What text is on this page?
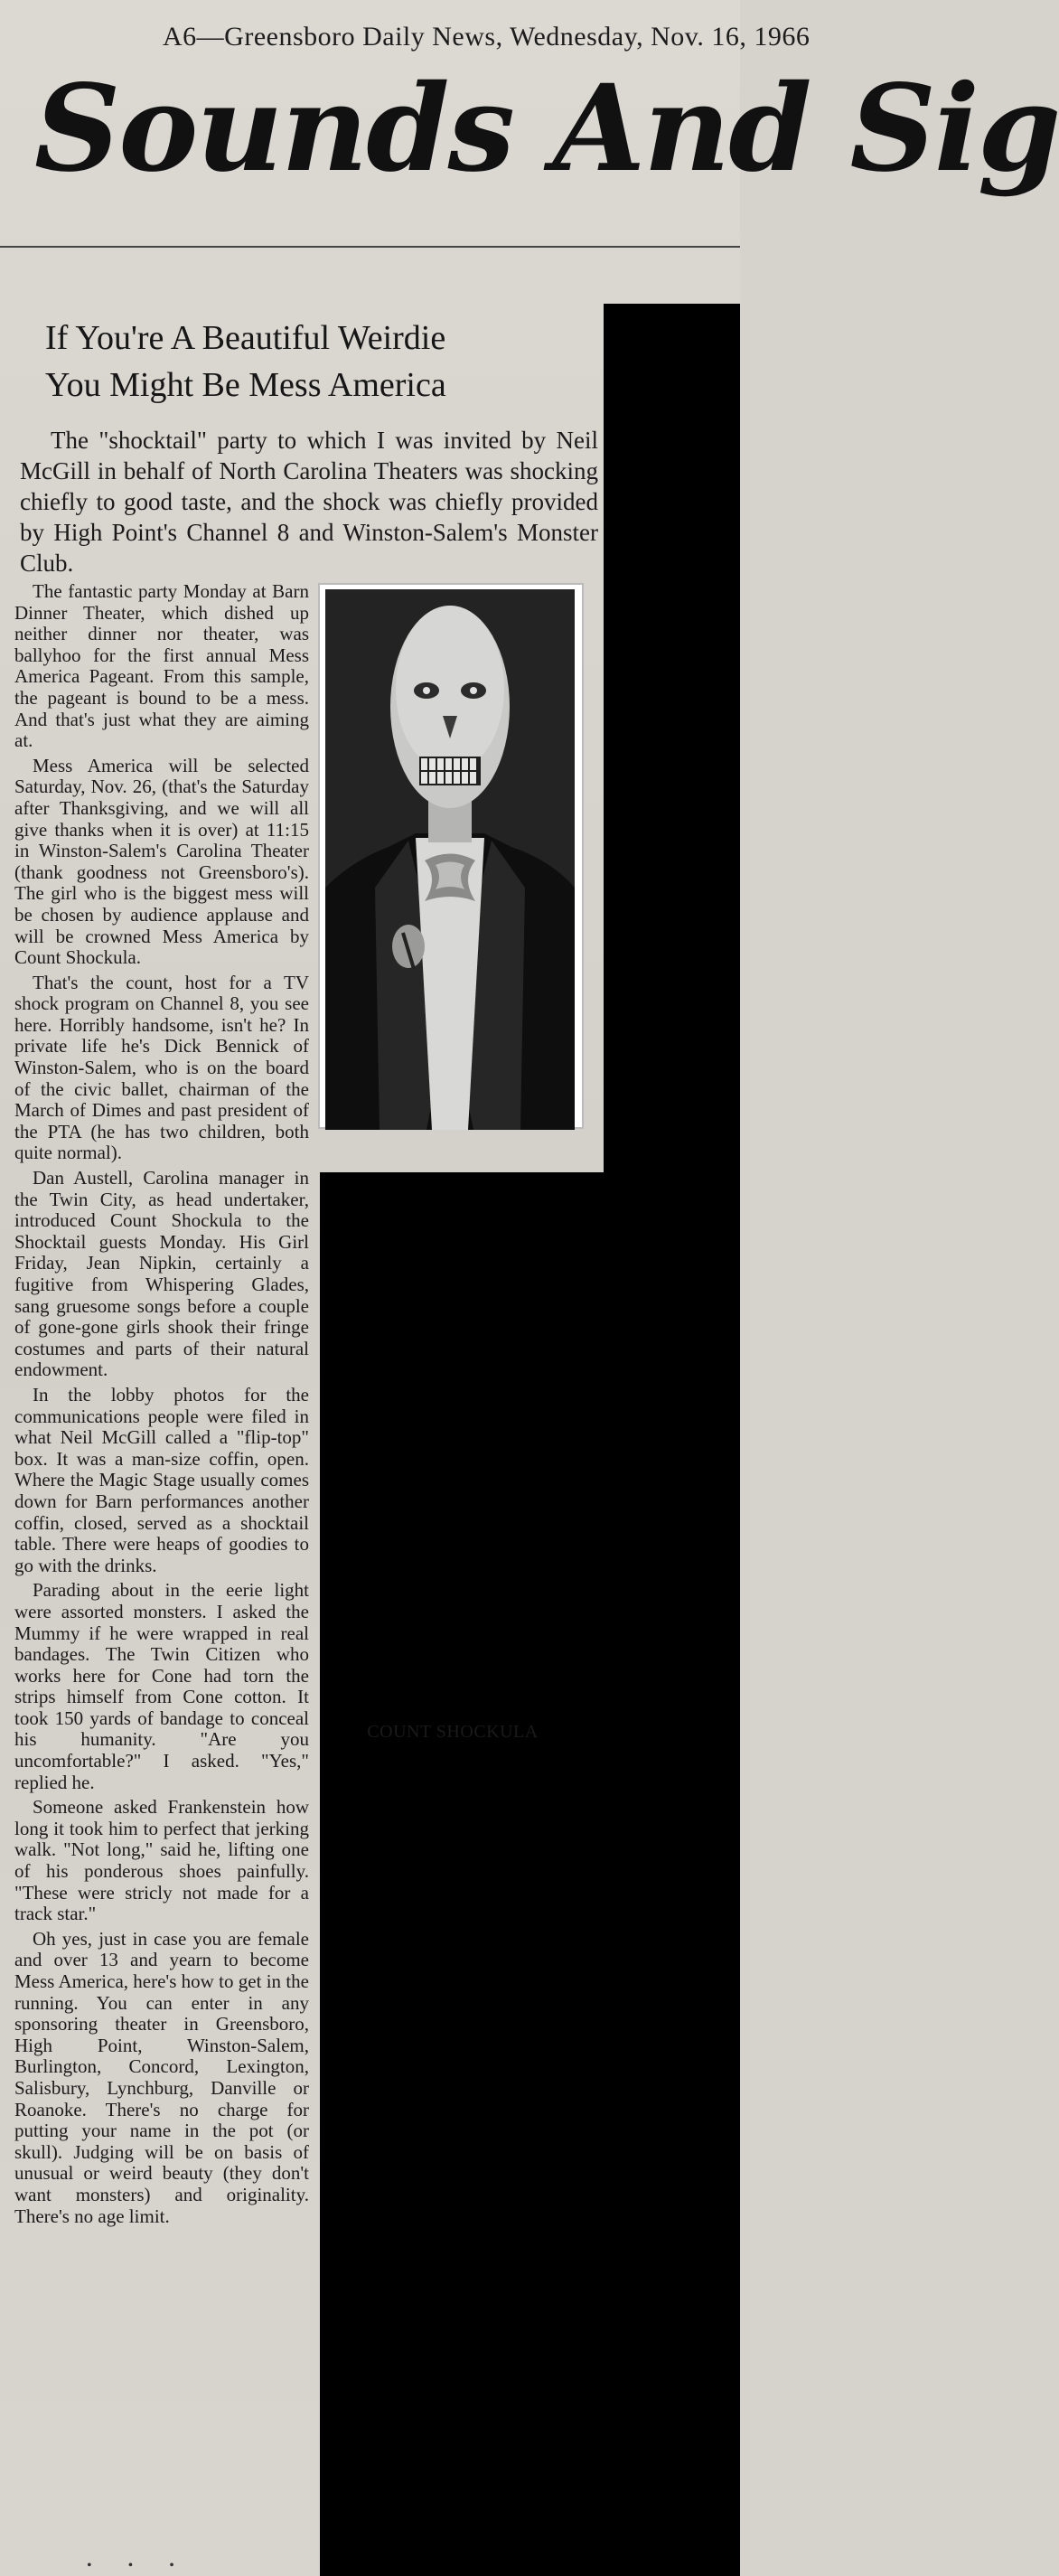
A6—Greensboro Daily News, Wednesday, Nov. 16, 1966
Sounds And Sig
If You're A Beautiful Weirdie
You Might Be Mess America

The "shocktail" party to which I was invited by Neil McGill in behalf of North Carolina Theaters was shocking chiefly to good taste, and the shock was chiefly provided by High Point's Channel 8 and Winston-Salem's Monster Club.

COUNT SHOCKULA

The fantastic party Monday at Barn Dinner Theater, which dished up neither dinner nor theater, was ballyhoo for the first annual Mess America Pageant. From this sample, the pageant is bound to be a mess. And that's just what they are aiming at.

Mess America will be selected Saturday, Nov. 26, (that's the Saturday after Thanksgiving, and we will all give thanks when it is over) at 11:15 in Winston-Salem's Carolina Theater (thank goodness not Greensboro's). The girl who is the biggest mess will be chosen by audience applause and will be crowned Mess America by Count Shockula.

That's the count, host for a TV shock program on Channel 8, you see here. Horribly handsome, isn't he? In private life he's Dick Bennick of Winston-Salem, who is on the board of the civic ballet, chairman of the March of Dimes and past president of the PTA (he has two children, both quite normal).

Dan Austell, Carolina manager in the Twin City, as head undertaker, introduced Count Shockula to the Shocktail guests Monday. His Girl Friday, Jean Nipkin, certainly a fugitive from Whispering Glades, sang gruesome songs before a couple of gone-gone girls shook their fringe costumes and parts of their natural endowment.

In the lobby photos for the communications people were filed in what Neil McGill called a "flip-top" box. It was a man-size coffin, open. Where the Magic Stage usually comes down for Barn performances another coffin, closed, served as a shocktail table. There were heaps of goodies to go with the drinks.

Parading about in the eerie light were assorted monsters. I asked the Mummy if he were wrapped in real bandages. The Twin Citizen who works here for Cone had torn the strips himself from Cone cotton. It took 150 yards of bandage to conceal his humanity. "Are you uncomfortable?" I asked. "Yes," replied he.

Someone asked Frankenstein how long it took him to perfect that jerking walk. "Not long," said he, lifting one of his ponderous shoes painfully. "These were stricly not made for a track star."

Oh yes, just in case you are female and over 13 and yearn to become Mess America, here's how to get in the running. You can enter in any sponsoring theater in Greensboro, High Point, Winston-Salem, Burlington, Concord, Lexington, Salisbury, Lynchburg, Danville or Roanoke. There's no charge for putting your name in the pot (or skull). Judging will be on basis of unusual or weird beauty (they don't want monsters) and originality. There's no age limit.

• • •
